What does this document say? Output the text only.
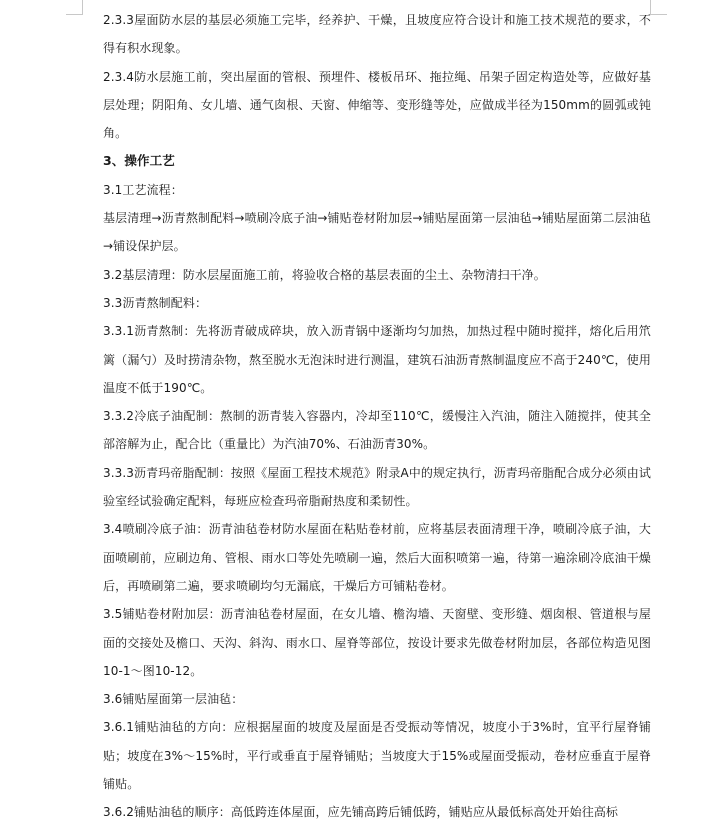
2.3.3屋面防水层的基层必须施工完毕，经养护、干燥，且坡度应符合设计和施工技术规范的要求，不得有积水现象。

2.3.4防水层施工前，突出屋面的管根、预埋件、楼板吊环、拖拉绳、吊架子固定构造处等，应做好基层处理；阴阳角、女儿墙、通气囱根、天窗、伸缩等、变形缝等处，应做成半径为150mm的圆弧或钝角。

3、操作工艺

3.1工艺流程：

基层清理→沥青熬制配料→喷刷冷底子油→铺贴卷材附加层→铺贴屋面第一层油毡→铺贴屋面第二层油毡→铺设保护层。

3.2基层清理：防水层屋面施工前，将验收合格的基层表面的尘土、杂物清扫干净。

3.3沥青熬制配料：

3.3.1沥青熬制：先将沥青破成碎块，放入沥青锅中逐渐均匀加热，加热过程中随时搅拌，熔化后用笊篱（漏勺）及时捞清杂物，熬至脱水无泡沫时进行测温，建筑石油沥青熬制温度应不高于240℃，使用温度不低于190℃。

3.3.2冷底子油配制：熬制的沥青装入容器内，冷却至110℃，缓慢注入汽油，随注入随搅拌，使其全部溶解为止，配合比（重量比）为汽油70%、石油沥青30%。

3.3.3沥青玛帝脂配制：按照《屋面工程技术规范》附录A中的规定执行，沥青玛帝脂配合成分必须由试验室经试验确定配料，每班应检查玛帝脂耐热度和柔韧性。

3.4喷刷冷底子油：沥青油毡卷材防水屋面在粘贴卷材前，应将基层表面清理干净，喷刷冷底子油，大面喷刷前，应刷边角、管根、雨水口等处先喷刷一遍，然后大面积喷第一遍，待第一遍涂刷冷底油干燥后，再喷刷第二遍，要求喷刷均匀无漏底，干燥后方可铺粘卷材。

3.5铺贴卷材附加层：沥青油毡卷材屋面，在女儿墙、檐沟墙、天窗壁、变形缝、烟囱根、管道根与屋面的交接处及檐口、天沟、斜沟、雨水口、屋脊等部位，按设计要求先做卷材附加层，各部位构造见图10-1～图10-12。

3.6铺贴屋面第一层油毡：

3.6.1铺贴油毡的方向：应根据屋面的坡度及屋面是否受振动等情况，坡度小于3%时，宜平行屋脊铺贴；坡度在3%～15%时，平行或垂直于屋脊铺贴；当坡度大于15%或屋面受振动，卷材应垂直于屋脊铺贴。

3.6.2铺贴油毡的顺序：高低跨连体屋面，应先铺高跨后铺低跨，铺贴应从最低标高处开始往高标
